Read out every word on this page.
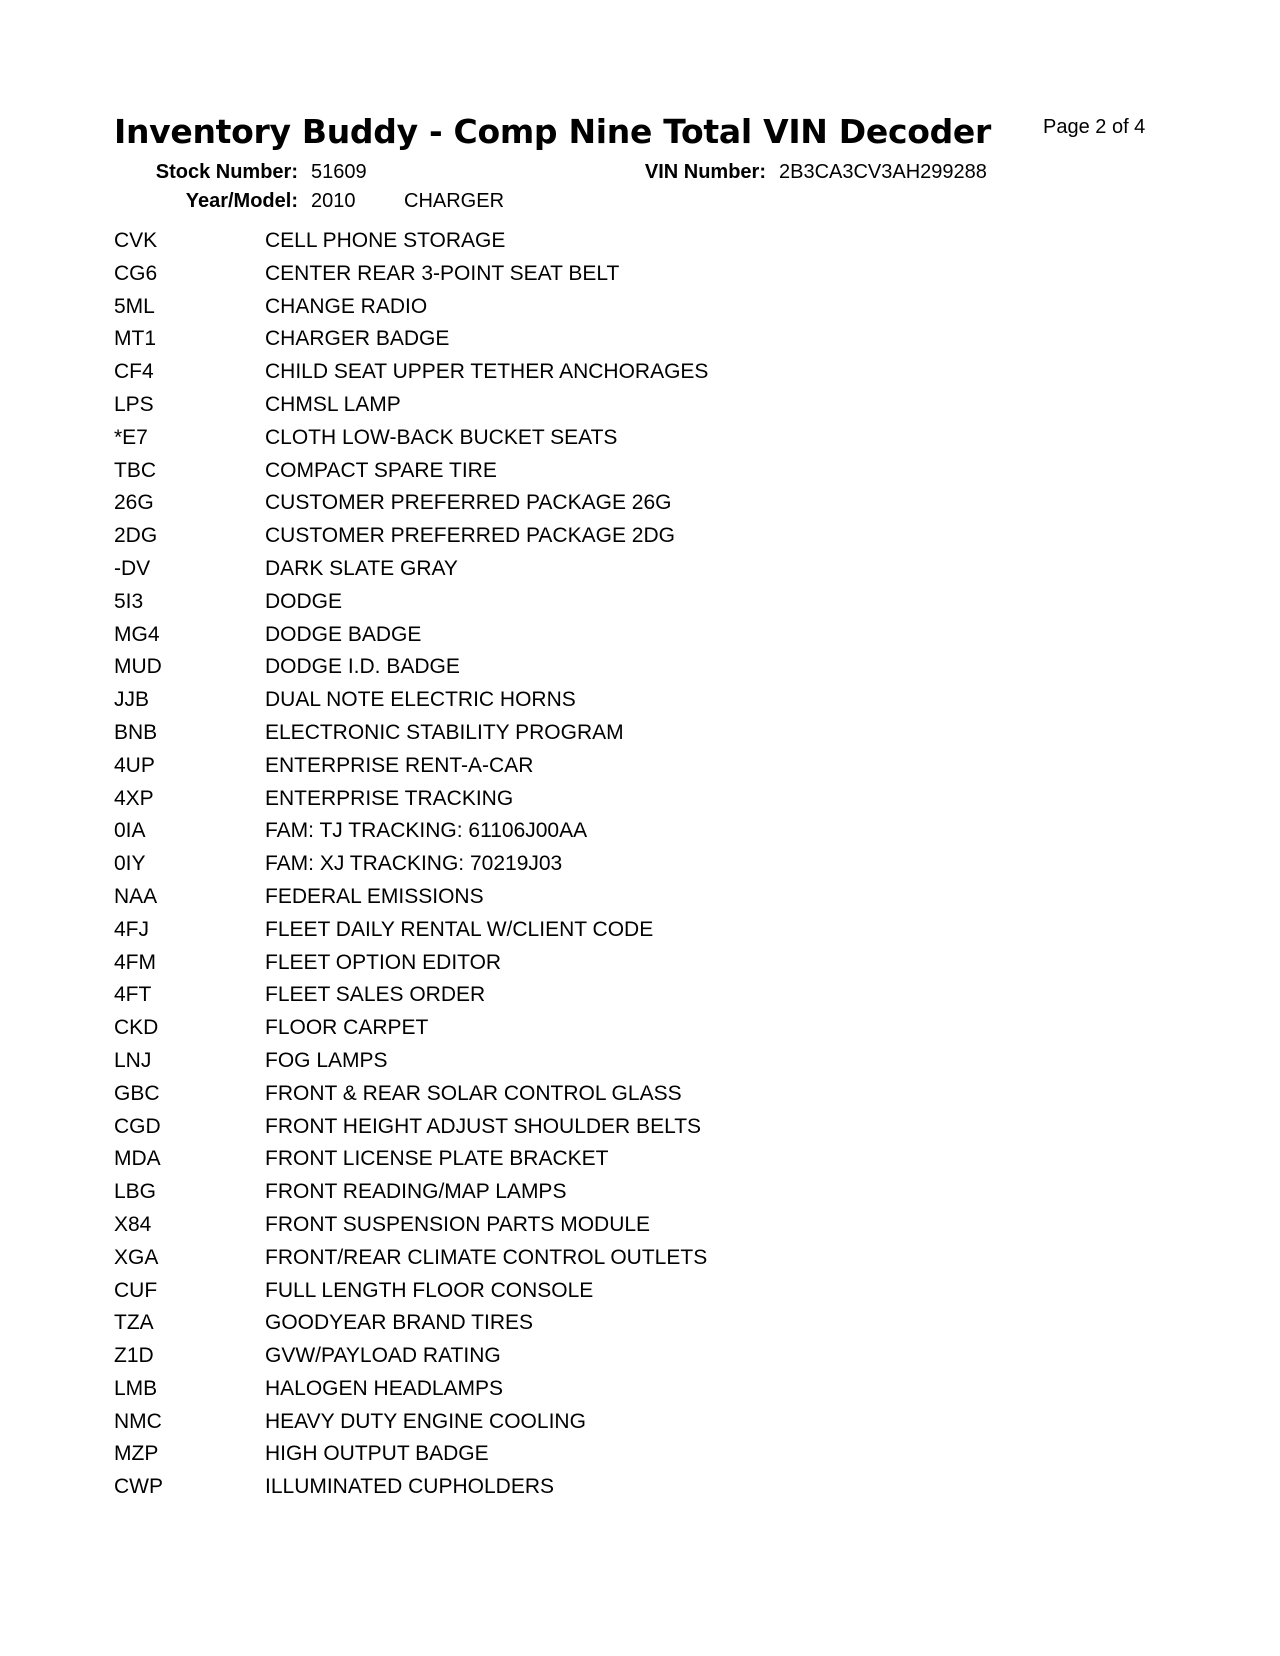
Inventory Buddy - Comp Nine Total VIN Decoder	Page 2 of 4
Stock Number: 51609
Year/Model: 2010 CHARGER
VIN Number: 2B3CA3CV3AH299288
CVK	CELL PHONE STORAGE
CG6	CENTER REAR 3-POINT SEAT BELT
5ML	CHANGE RADIO
MT1	CHARGER BADGE
CF4	CHILD SEAT UPPER TETHER ANCHORAGES
LPS	CHMSL LAMP
*E7	CLOTH LOW-BACK BUCKET SEATS
TBC	COMPACT SPARE TIRE
26G	CUSTOMER PREFERRED PACKAGE 26G
2DG	CUSTOMER PREFERRED PACKAGE 2DG
-DV	DARK SLATE GRAY
5I3	DODGE
MG4	DODGE BADGE
MUD	DODGE I.D. BADGE
JJB	DUAL NOTE ELECTRIC HORNS
BNB	ELECTRONIC STABILITY PROGRAM
4UP	ENTERPRISE RENT-A-CAR
4XP	ENTERPRISE TRACKING
0IA	FAM: TJ TRACKING: 61106J00AA
0IY	FAM: XJ TRACKING: 70219J03
NAA	FEDERAL EMISSIONS
4FJ	FLEET DAILY RENTAL W/CLIENT CODE
4FM	FLEET OPTION EDITOR
4FT	FLEET SALES ORDER
CKD	FLOOR CARPET
LNJ	FOG LAMPS
GBC	FRONT & REAR SOLAR CONTROL GLASS
CGD	FRONT HEIGHT ADJUST SHOULDER BELTS
MDA	FRONT LICENSE PLATE BRACKET
LBG	FRONT READING/MAP LAMPS
X84	FRONT SUSPENSION PARTS MODULE
XGA	FRONT/REAR CLIMATE CONTROL OUTLETS
CUF	FULL LENGTH FLOOR CONSOLE
TZA	GOODYEAR BRAND TIRES
Z1D	GVW/PAYLOAD RATING
LMB	HALOGEN HEADLAMPS
NMC	HEAVY DUTY ENGINE COOLING
MZP	HIGH OUTPUT BADGE
CWP	ILLUMINATED CUPHOLDERS
